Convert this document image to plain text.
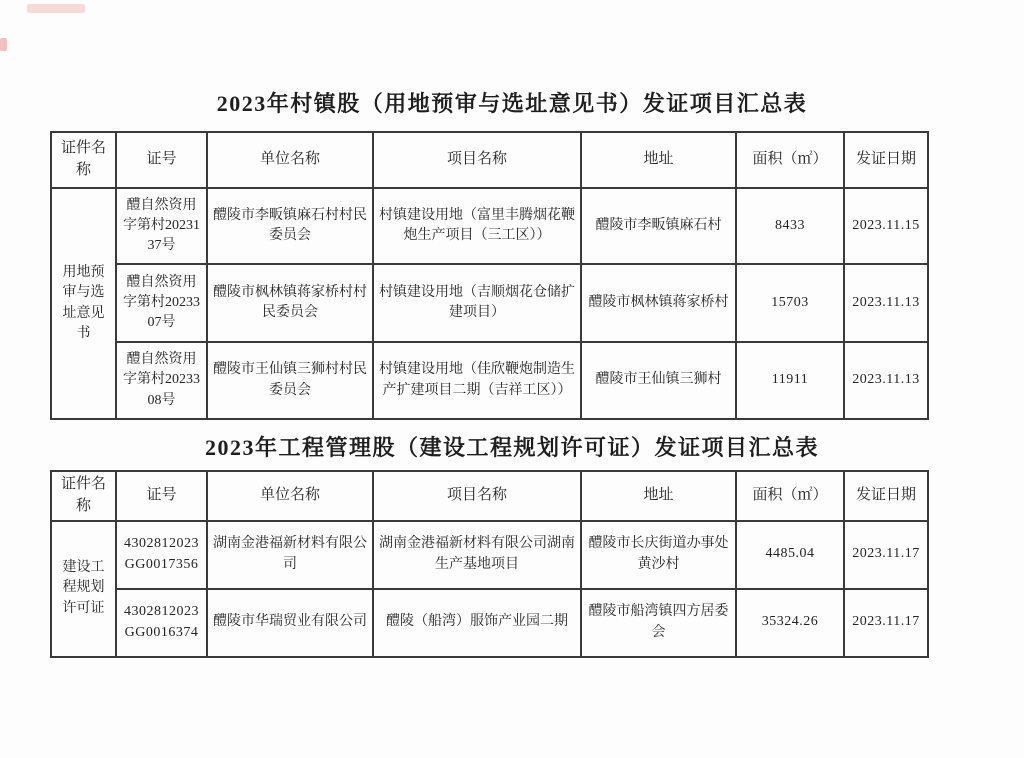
2023年村镇股（用地预审与选址意见书）发证项目汇总表
证件名称	证号	单位名称	项目名称	地址	面积（㎡）	发证日期
用地预审与选址意见书	醴自然资用字第村2023137号	醴陵市李畈镇麻石村村民委员会	村镇建设用地（富里丰腾烟花鞭炮生产项目（三工区））	醴陵市李畈镇麻石村	8433	2023.11.15
	醴自然资用字第村2023307号	醴陵市枫林镇蒋家桥村村民委员会	村镇建设用地（吉顺烟花仓储扩建项目）	醴陵市枫林镇蒋家桥村	15703	2023.11.13
	醴自然资用字第村2023308号	醴陵市王仙镇三狮村村民委员会	村镇建设用地（佳欣鞭炮制造生产扩建项目二期（吉祥工区））	醴陵市王仙镇三狮村	11911	2023.11.13
2023年工程管理股（建设工程规划许可证）发证项目汇总表
证件名称	证号	单位名称	项目名称	地址	面积（㎡）	发证日期
建设工程规划许可证	4302812023GG0017356	湖南金港福新材料有限公司	湖南金港福新材料有限公司湖南生产基地项目	醴陵市长庆街道办事处黄沙村	4485.04	2023.11.17
	4302812023GG0016374	醴陵市华瑞贸业有限公司	醴陵（船湾）服饰产业园二期	醴陵市船湾镇四方居委会	35324.26	2023.11.17
